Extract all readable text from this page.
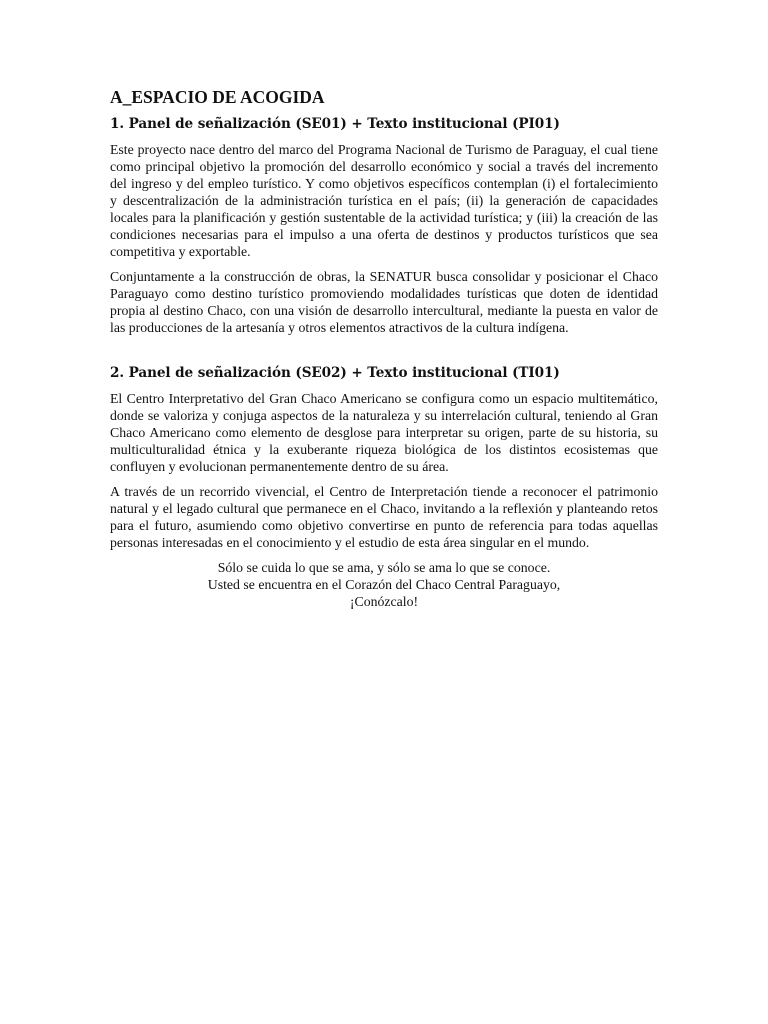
A_ESPACIO DE ACOGIDA
1. Panel de señalización (SE01) + Texto institucional (PI01)

Este proyecto nace dentro del marco del Programa Nacional de Turismo de Paraguay, el cual tiene como principal objetivo la promoción del desarrollo económico y social a través del incremento del ingreso y del empleo turístico. Y como objetivos específicos contemplan (i) el fortalecimiento y descentralización de la administración turística en el país; (ii) la generación de capacidades locales para la planificación y gestión sustentable de la actividad turística; y (iii) la creación de las condiciones necesarias para el impulso a una oferta de destinos y productos turísticos que sea competitiva y exportable.

Conjuntamente a la construcción de obras, la SENATUR busca consolidar y posicionar el Chaco Paraguayo como destino turístico promoviendo modalidades turísticas que doten de identidad propia al destino Chaco, con una visión de desarrollo intercultural, mediante la puesta en valor de las producciones de la artesanía y otros elementos atractivos de la cultura indígena.

2. Panel de señalización (SE02) + Texto institucional (TI01)

El Centro Interpretativo del Gran Chaco Americano se configura como un espacio multitemático, donde se valoriza y conjuga aspectos de la naturaleza y su interrelación cultural, teniendo al Gran Chaco Americano como elemento de desglose para interpretar su origen, parte de su historia, su multiculturalidad étnica y la exuberante riqueza biológica de los distintos ecosistemas que confluyen y evolucionan permanentemente dentro de su área.

A través de un recorrido vivencial, el Centro de Interpretación tiende a reconocer el patrimonio natural y el legado cultural que permanece en el Chaco, invitando a la reflexión y planteando retos para el futuro, asumiendo como objetivo convertirse en punto de referencia para todas aquellas personas interesadas en el conocimiento y el estudio de esta área singular en el mundo.

Sólo se cuida lo que se ama, y sólo se ama lo que se conoce.

Usted se encuentra en el Corazón del Chaco Central Paraguayo,

¡Conózcalo!
